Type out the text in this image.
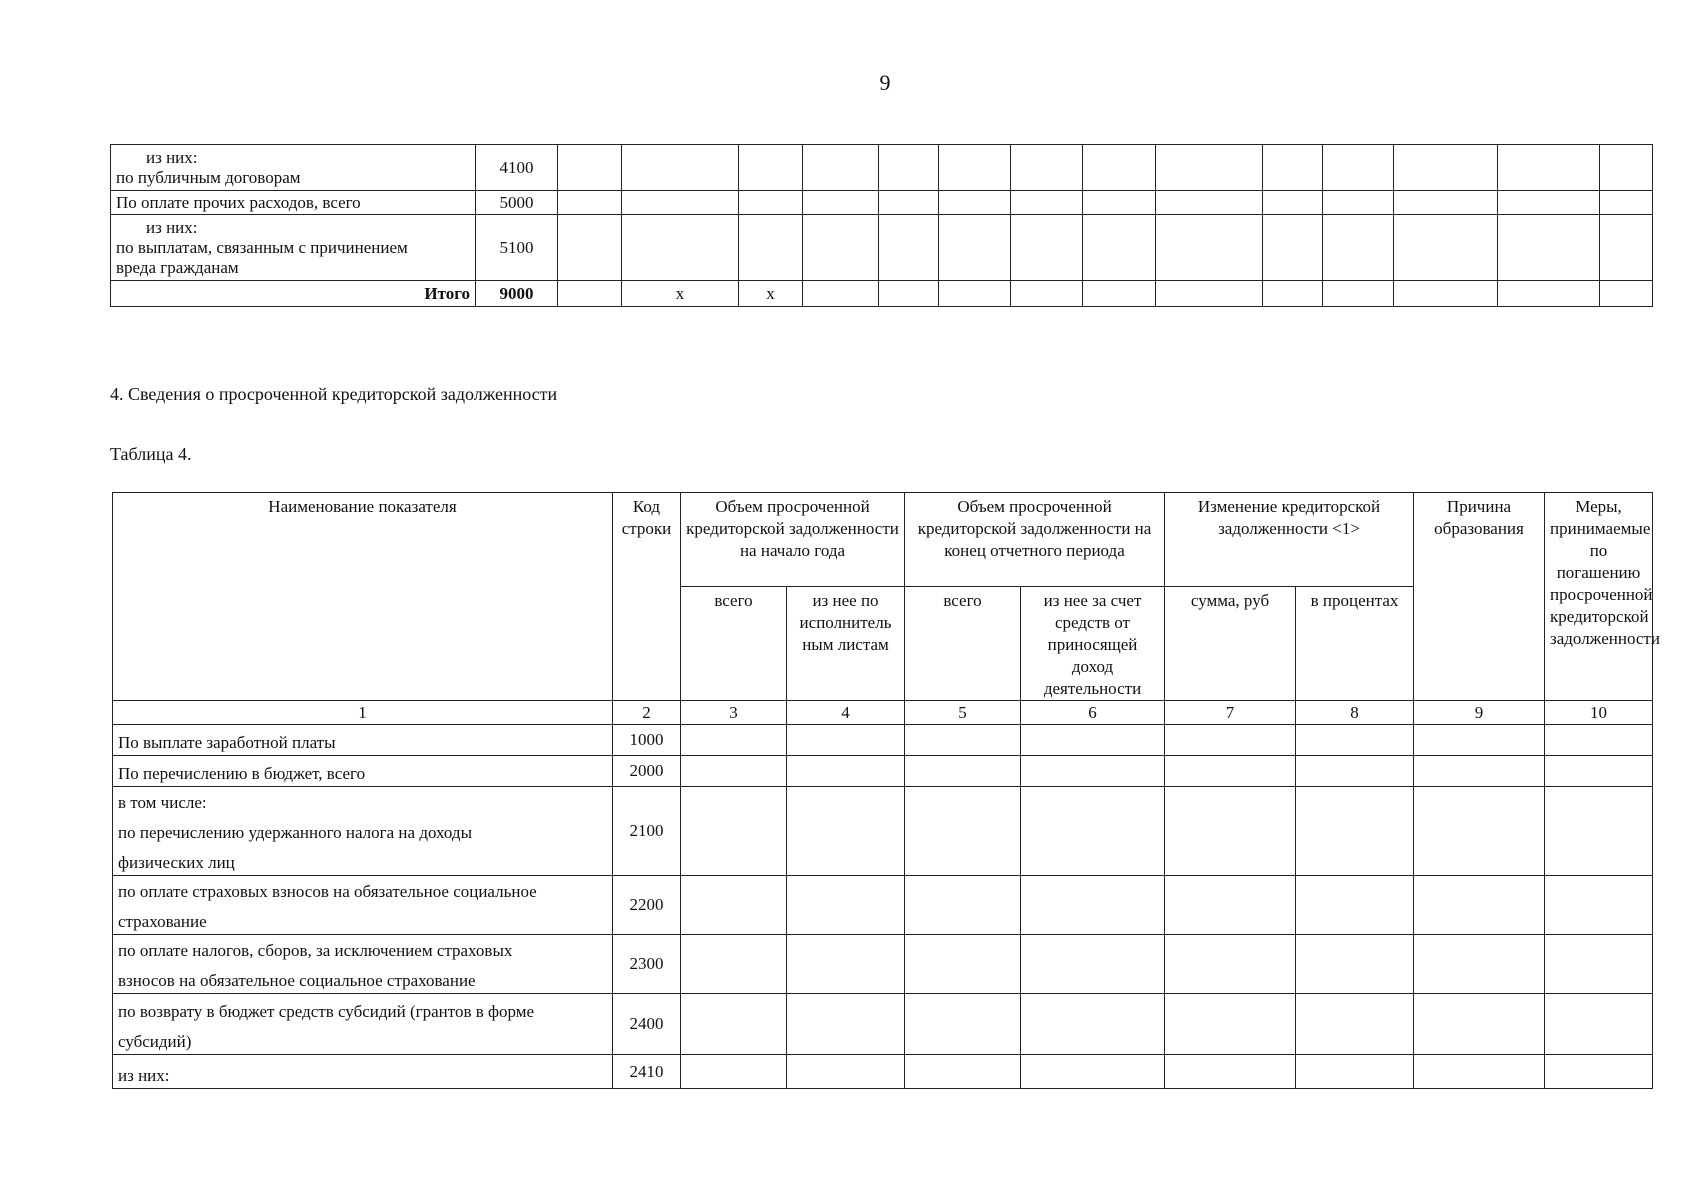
9
из них:
по публичным договорам	4100														

По оплате прочих расходов, всего	5000														

из них:
по выплатам, связанным с причинением
вреда гражданам	5100														
Итого	9000		x	x											
4. Сведения о просроченной кредиторской задолженности
Таблица 4.
Наименование показателя	Код строки	Объем просроченной кредиторской задолженности на начало года		Объем просроченной кредиторской задолженности на конец отчетного периода		Изменение кредиторской задолженности <1>		Причина образования	Меры, принимаемые по погашению просроченной кредиторской задолженности
		всего	из нее по исполнитель ным листам	всего	из нее за счет средств от приносящей доход деятельности	сумма, руб	в процентах		
1	2	3	4	5	6	7	8	9	10

По выплате заработной платы	1000								

По перечислению в бюджет, всего	2000								

в том числе:
по перечислению удержанного налога на доходы
физических лиц	2100								

по оплате страховых взносов на обязательное социальное
страхование	2200								

по оплате налогов, сборов, за исключением страховых
взносов на обязательное социальное страхование	2300								

по возврату в бюджет средств субсидий (грантов в форме
субсидий)	2400								

из них:	2410								
